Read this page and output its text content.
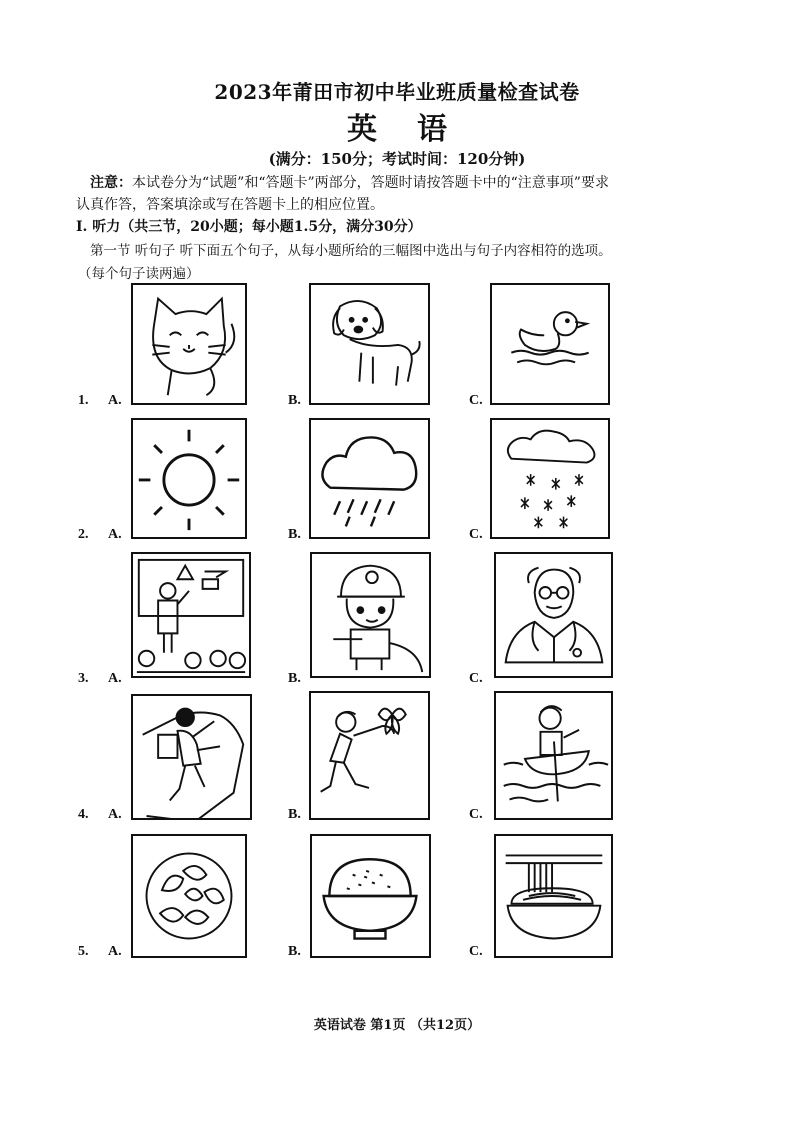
2023年莆田市初中毕业班质量检查试卷
英语
(满分：150分；考试时间：120分钟)
注意：本试卷分为“试题”和“答题卡”两部分，答题时请按答题卡中的“注意事项”要求
认真作答，答案填涂或写在答题卡上的相应位置。
I. 听力（共三节，20小题；每小题1.5分，满分30分）
第一节 听句子 听下面五个句子，从每小题所给的三幅图中选出与句子内容相符的选项。
（每个句子读两遍）
1. A.	B.	C.
2. A.	B.	C.
3. A.	B.	C.
4. A.	B.	C.
5. A.	B.	C.
英语试卷 第1页 （共12页）
